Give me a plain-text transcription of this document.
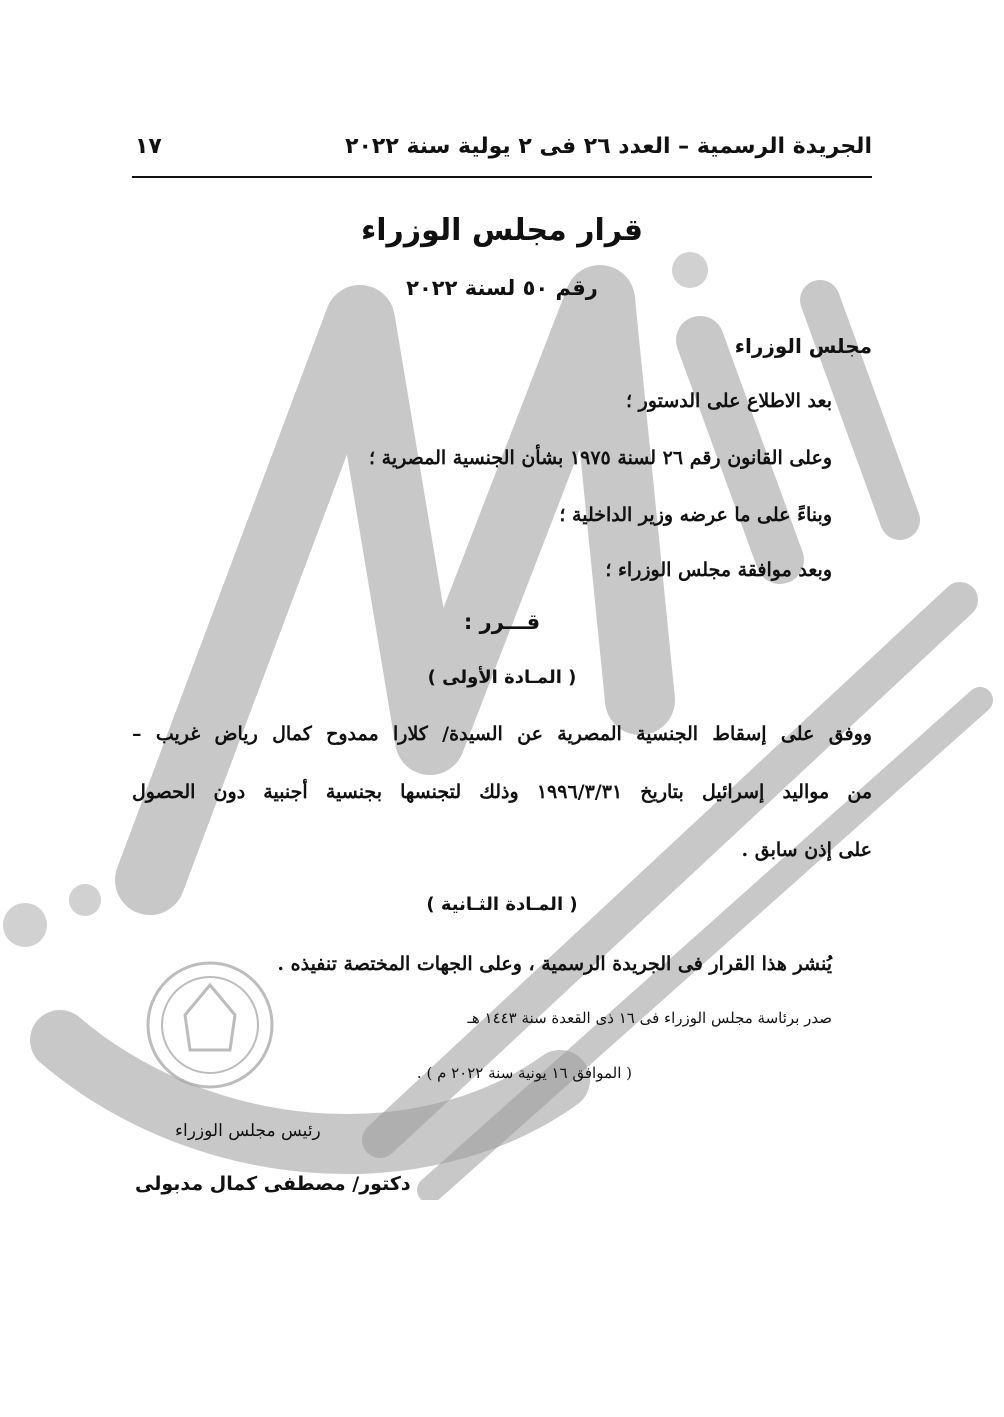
١٧	الجريدة الرسمية – العدد ٢٦ فى ٢ يولية سنة ٢٠٢٢
قرار مجلس الوزراء
رقم ٥٠ لسنة ٢٠٢٢
مجلس الوزراء
بعد الاطلاع على الدستور ؛
وعلى القانون رقم ٢٦ لسنة ١٩٧٥ بشأن الجنسية المصرية ؛
وبناءً على ما عرضه وزير الداخلية ؛
وبعد موافقة مجلس الوزراء ؛
قـــرر :
( المـادة الأولى )
ووفق على إسقاط الجنسية المصرية عن السيدة/ كلارا ممدوح كمال رياض غريب –
من مواليد إسرائيل بتاريخ ١٩٩٦/٣/٣١ وذلك لتجنسها بجنسية أجنبية دون الحصول
على إذن سابق .
( المـادة الثـانية )
يُنشر هذا القرار فى الجريدة الرسمية ، وعلى الجهات المختصة تنفيذه .
صدر برئاسة مجلس الوزراء فى ١٦ ذى القعدة سنة ١٤٤٣ هـ
( الموافق ١٦ يونية سنة ٢٠٢٢ م ) .
رئيس مجلس الوزراء
دكتور/ مصطفى كمال مدبولى
